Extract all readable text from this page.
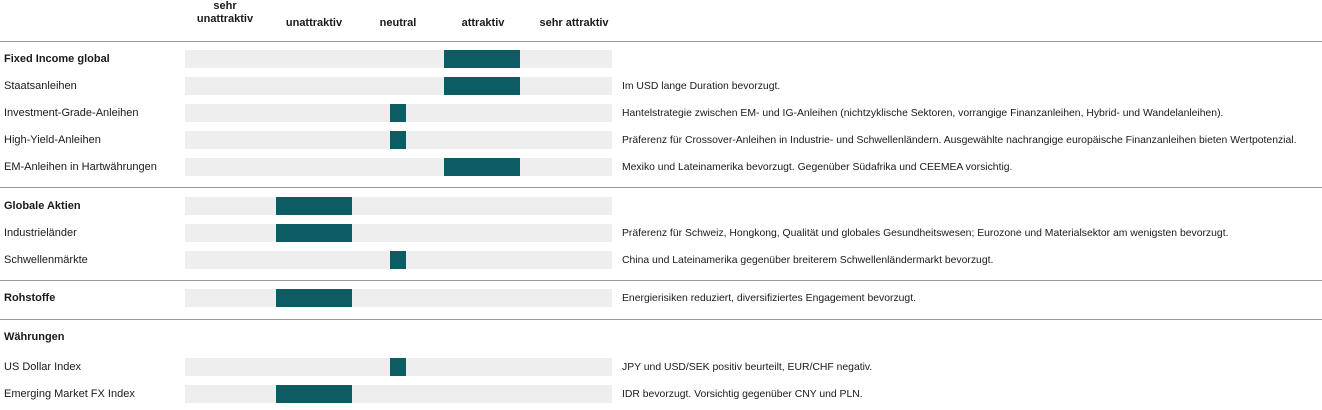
sehr
unattraktiv	unattraktiv	neutral	attraktiv	sehr attraktiv
Fixed Income global
Staatsanleihen	Im USD lange Duration bevorzugt.
Investment-Grade-Anleihen	Hantelstrategie zwischen EM- und IG-Anleihen (nichtzyklische Sektoren, vorrangige Finanzanleihen, Hybrid- und Wandelanleihen).
High-Yield-Anleihen	Präferenz für Crossover-Anleihen in Industrie- und Schwellenländern. Ausgewählte nachrangige europäische Finanzanleihen bieten Wertpotenzial.
EM-Anleihen in Hartwährungen	Mexiko und Lateinamerika bevorzugt. Gegenüber Südafrika und CEEMEA vorsichtig.
Globale Aktien
Industrieländer	Präferenz für Schweiz, Hongkong, Qualität und globales Gesundheitswesen; Eurozone und Materialsektor am wenigsten bevorzugt.
Schwellenmärkte	China und Lateinamerika gegenüber breiterem Schwellenländermarkt bevorzugt.
Rohstoffe	Energierisiken reduziert, diversifiziertes Engagement bevorzugt.
Währungen
US Dollar Index	JPY und USD/SEK positiv beurteilt, EUR/CHF negativ.
Emerging Market FX Index	IDR bevorzugt. Vorsichtig gegenüber CNY und PLN.
